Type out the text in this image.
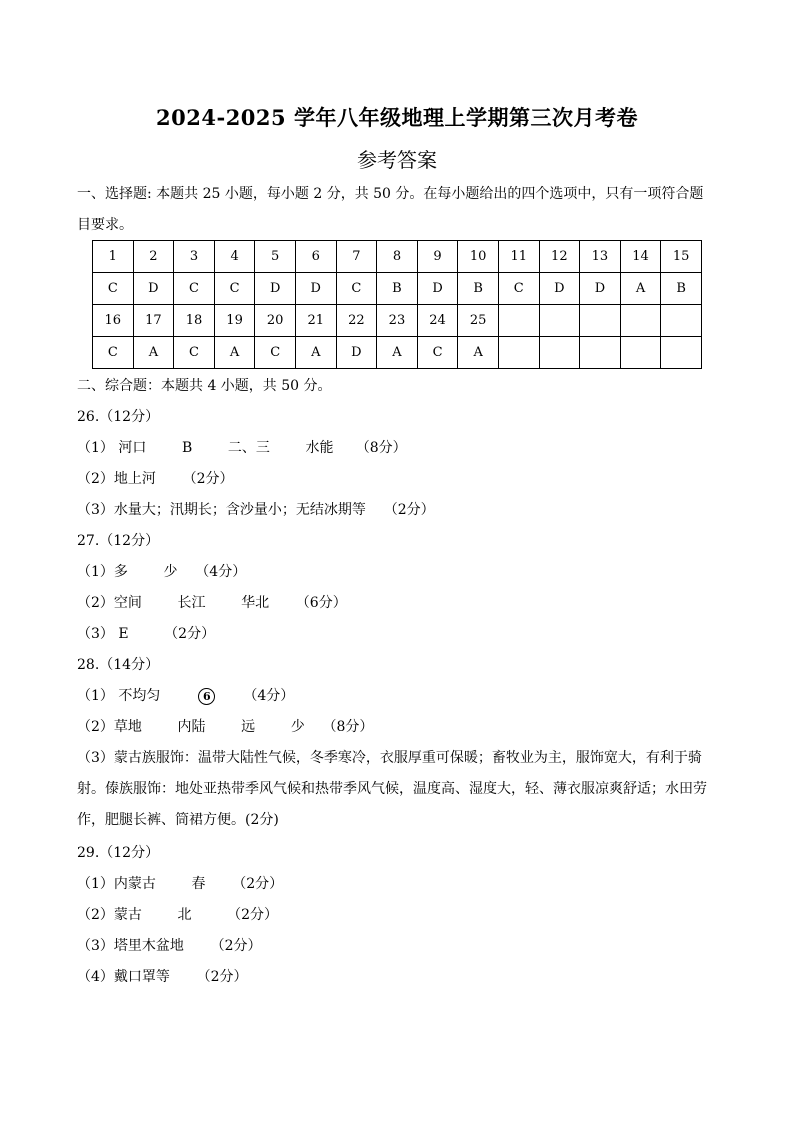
2024-2025 学年八年级地理上学期第三次月考卷
参考答案
一、选择题: 本题共 25 小题，每小题 2 分，共 50 分。在每小题给出的四个选项中，只有一项符合题
目要求。
1	2	3	4	5	6	7	8	9	10	11	12	13	14	15
C	D	C	C	D	D	C	B	D	B	C	D	D	A	B
16	17	18	19	20	21	22	23	24	25					
C	A	C	A	C	A	D	A	C	A					
二、综合题：本题共 4 小题，共 50 分。
26.（12分）
（1） 河口        B        二、三        水能     （8分）
（2）地上河      （2分）
（3）水量大；汛期长；含沙量小；无结冰期等    （2分）
27.（12分）
（1）多        少    （4分）
（2）空间        长江        华北      （6分）
（3） E        （2分）
28.（14分）
（1） 不均匀	6 （4分）
（2）草地        内陆        远        少    （8分）
（3）蒙古族服饰：温带大陆性气候，冬季寒冷，衣服厚重可保暖；畜牧业为主，服饰宽大，有利于骑射。傣族服饰：地处亚热带季风气候和热带季风气候，温度高、湿度大，轻、薄衣服凉爽舒适；水田劳作，肥腿长裤、筒裙方便。(2分)
29.（12分）
（1）内蒙古        春      （2分）
（2）蒙古        北        （2分）
（3）塔里木盆地      （2分）
（4）戴口罩等      （2分）
